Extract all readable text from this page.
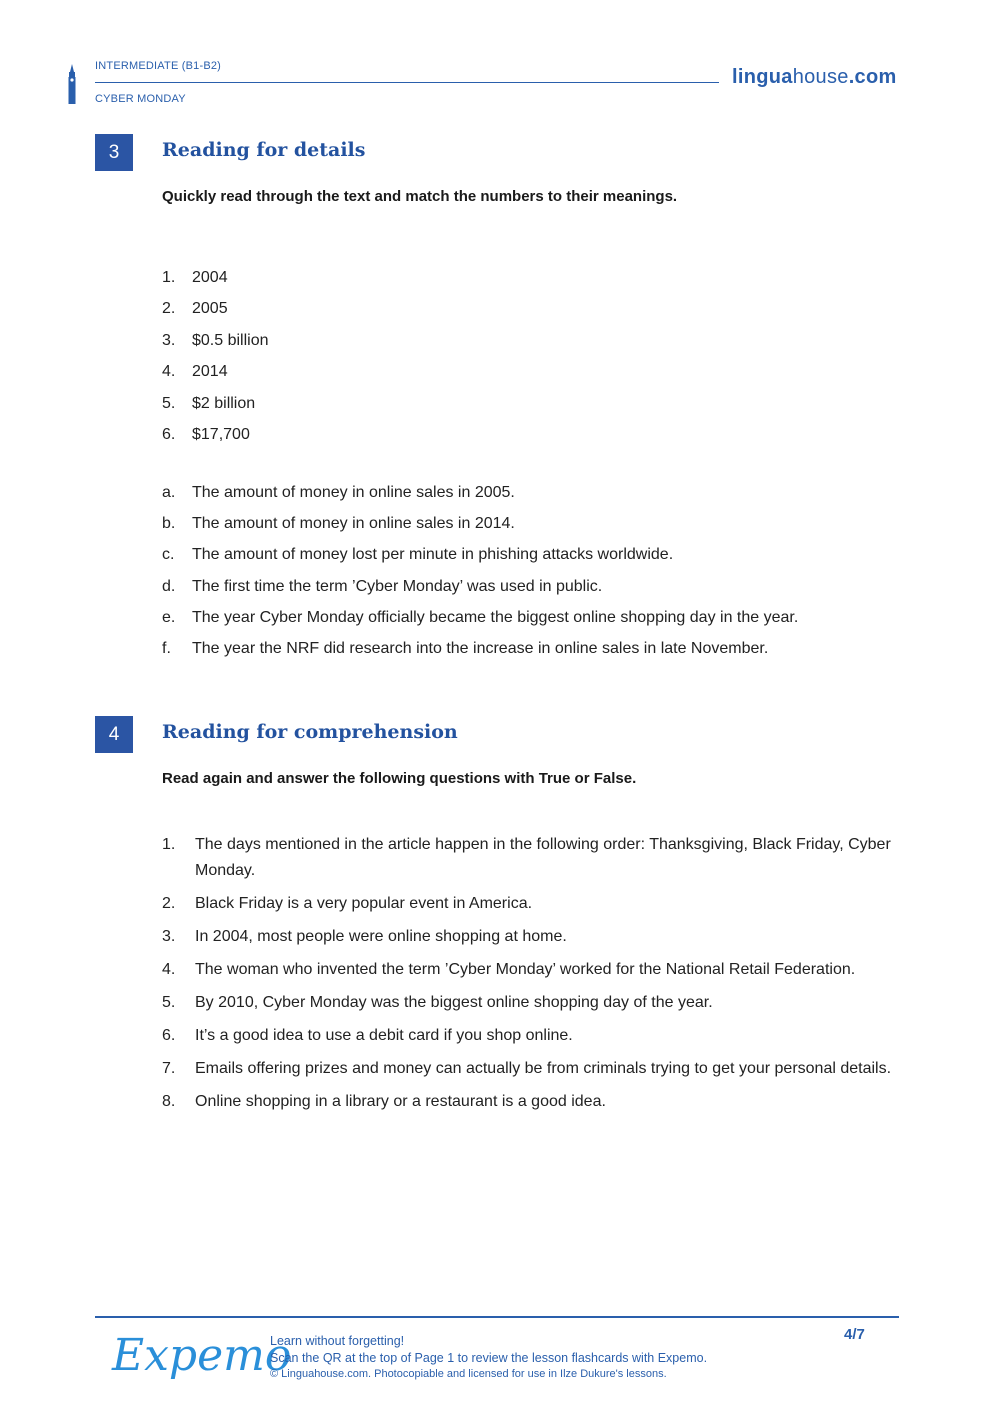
INTERMEDIATE (B1-B2)
CYBER MONDAY
linguahouse.com
3	Reading for details
Quickly read through the text and match the numbers to their meanings.
1.	2004
2.	2005
3.	$0.5 billion
4.	2014
5.	$2 billion
6.	$17,700
a.	The amount of money in online sales in 2005.
b.	The amount of money in online sales in 2014.
c.	The amount of money lost per minute in phishing attacks worldwide.
d.	The first time the term ’Cyber Monday’ was used in public.
e.	The year Cyber Monday officially became the biggest online shopping day in the year.
f.	The year the NRF did research into the increase in online sales in late November.
4	Reading for comprehension
Read again and answer the following questions with True or False.
1.	The days mentioned in the article happen in the following order: Thanksgiving, Black Friday, Cyber Monday.
2.	Black Friday is a very popular event in America.
3.	In 2004, most people were online shopping at home.
4.	The woman who invented the term ’Cyber Monday’ worked for the National Retail Federation.
5.	By 2010, Cyber Monday was the biggest online shopping day of the year.
6.	It’s a good idea to use a debit card if you shop online.
7.	Emails offering prizes and money can actually be from criminals trying to get your personal details.
8.	Online shopping in a library or a restaurant is a good idea.
Expemo
Learn without forgetting!
Scan the QR at the top of Page 1 to review the lesson flashcards with Expemo.
© Linguahouse.com. Photocopiable and licensed for use in Ilze Dukure's lessons.
4/7
